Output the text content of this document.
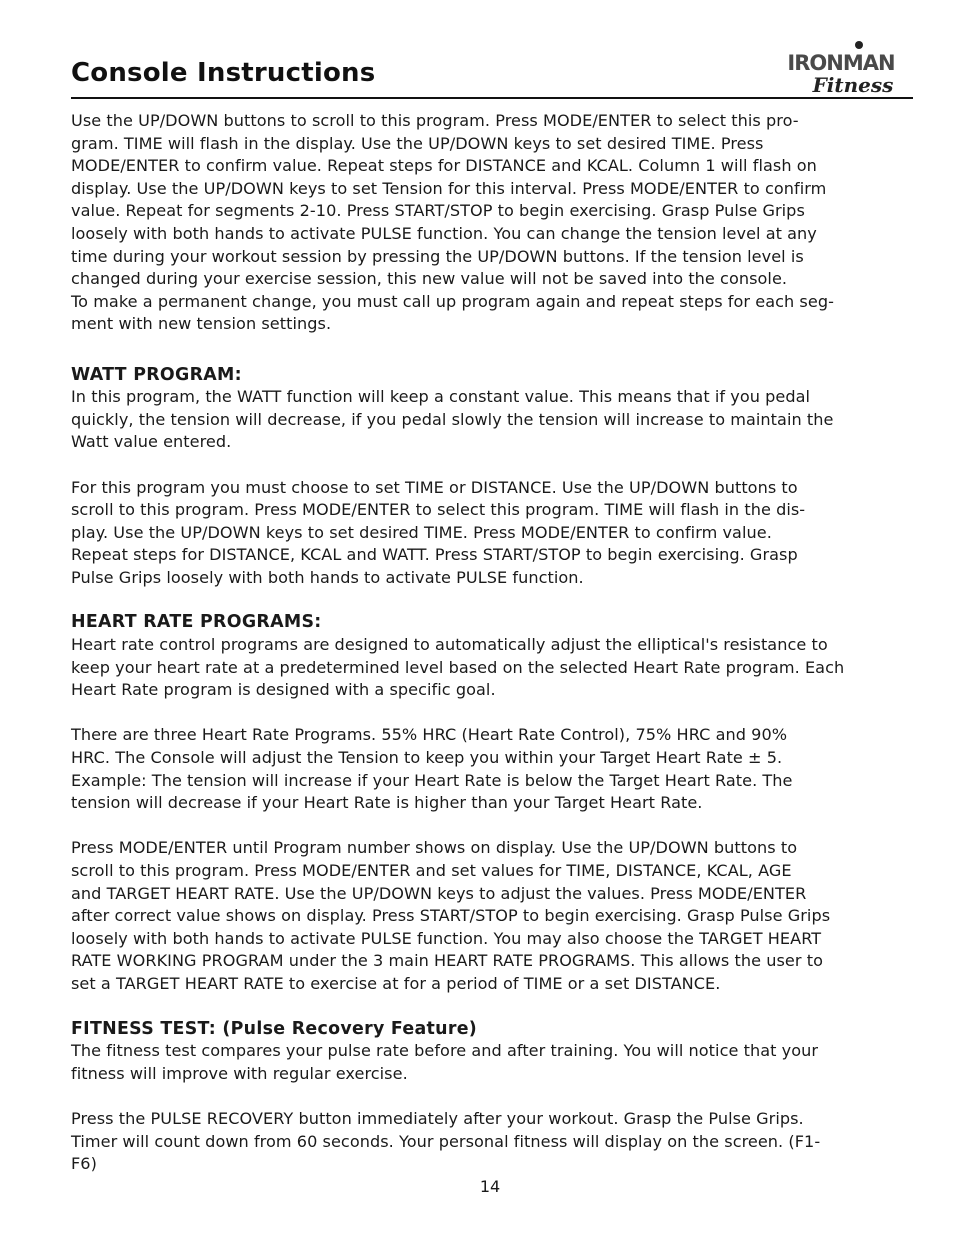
Console Instructions	IRONMAN
Fitness

Use the UP/DOWN buttons to scroll to this program. Press MODE/ENTER to select this pro-
gram. TIME will flash in the display. Use the UP/DOWN keys to set desired TIME. Press
MODE/ENTER to confirm value. Repeat steps for DISTANCE and KCAL. Column 1 will flash on
display. Use the UP/DOWN keys to set Tension for this interval. Press MODE/ENTER to confirm
value. Repeat for segments 2-10. Press START/STOP to begin exercising. Grasp Pulse Grips
loosely with both hands to activate PULSE function. You can change the tension level at any
time during your workout session by pressing the UP/DOWN buttons. If the tension level is
changed during your exercise session, this new value will not be saved into the console.
To make a permanent change, you must call up program again and repeat steps for each seg-
ment with new tension settings.

WATT PROGRAM:

In this program, the WATT function will keep a constant value. This means that if you pedal
quickly, the tension will decrease, if you pedal slowly the tension will increase to maintain the
Watt value entered.

For this program you must choose to set TIME or DISTANCE. Use the UP/DOWN buttons to
scroll to this program. Press MODE/ENTER to select this program. TIME will flash in the dis-
play. Use the UP/DOWN keys to set desired TIME. Press MODE/ENTER to confirm value.
Repeat steps for DISTANCE, KCAL and WATT. Press START/STOP to begin exercising. Grasp
Pulse Grips loosely with both hands to activate PULSE function.

HEART RATE PROGRAMS:

Heart rate control programs are designed to automatically adjust the elliptical's resistance to
keep your heart rate at a predetermined level based on the selected Heart Rate program. Each
Heart Rate program is designed with a specific goal.

There are three Heart Rate Programs. 55% HRC (Heart Rate Control), 75% HRC and 90%
HRC. The Console will adjust the Tension to keep you within your Target Heart Rate ± 5.
Example: The tension will increase if your Heart Rate is below the Target Heart Rate. The
tension will decrease if your Heart Rate is higher than your Target Heart Rate.

Press MODE/ENTER until Program number shows on display. Use the UP/DOWN buttons to
scroll to this program. Press MODE/ENTER and set values for TIME, DISTANCE, KCAL, AGE
and TARGET HEART RATE. Use the UP/DOWN keys to adjust the values. Press MODE/ENTER
after correct value shows on display. Press START/STOP to begin exercising. Grasp Pulse Grips
loosely with both hands to activate PULSE function. You may also choose the TARGET HEART
RATE WORKING PROGRAM under the 3 main HEART RATE PROGRAMS. This allows the user to
set a TARGET HEART RATE to exercise at for a period of TIME or a set DISTANCE.

FITNESS TEST: (Pulse Recovery Feature)

The fitness test compares your pulse rate before and after training. You will notice that your
fitness will improve with regular exercise.

Press the PULSE RECOVERY button immediately after your workout. Grasp the Pulse Grips.
Timer will count down from 60 seconds. Your personal fitness will display on the screen. (F1-
F6)

14
